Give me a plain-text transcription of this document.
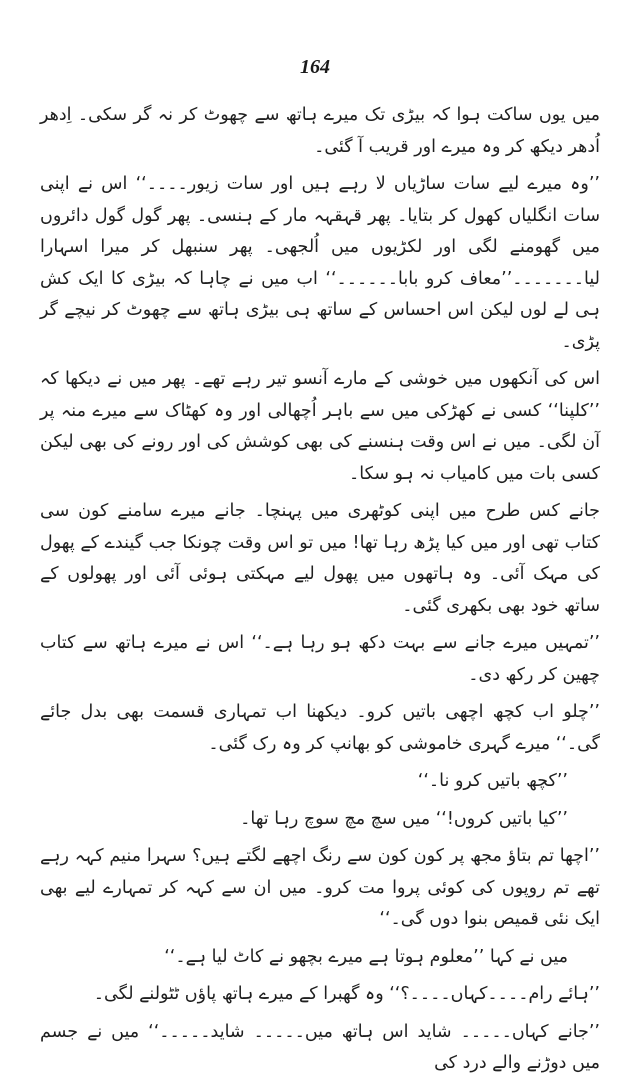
164

میں یوں ساکت ہوا کہ بیڑی تک میرے ہاتھ سے چھوٹ کر نہ گر سکی۔ اِدھر اُدھر دیکھ کر وہ میرے اور قریب آ گئی۔

’’وہ میرے لیے سات ساڑیاں لا رہے ہیں اور سات زیور۔۔۔۔‘‘ اس نے اپنی سات انگلیاں کھول کر بتایا۔ پھر قہقہہ مار کے ہنسی۔ پھر گول گول دائروں میں گھومنے لگی اور لکڑیوں میں اُلجھی۔ پھر سنبھل کر میرا اسہارا لیا۔۔۔۔۔۔۔’’معاف کرو بابا۔۔۔۔۔۔‘‘ اب میں نے چاہا کہ بیڑی کا ایک کش ہی لے لوں لیکن اس احساس کے ساتھ ہی بیڑی ہاتھ سے چھوٹ کر نیچے گر پڑی۔

اس کی آنکھوں میں خوشی کے مارے آنسو تیر رہے تھے۔ پھر میں نے دیکھا کہ ’’کلپنا‘‘ کسی نے کھڑکی میں سے باہر اُچھالی اور وہ کھٹاک سے میرے منہ پر آن لگی۔ میں نے اس وقت ہنسنے کی بھی کوشش کی اور رونے کی بھی لیکن کسی بات میں کامیاب نہ ہو سکا۔

جانے کس طرح میں اپنی کوٹھری میں پہنچا۔ جانے میرے سامنے کون سی کتاب تھی اور میں کیا پڑھ رہا تھا! میں تو اس وقت چونکا جب گیندے کے پھول کی مہک آئی۔ وہ ہاتھوں میں پھول لیے مہکتی ہوئی آئی اور پھولوں کے ساتھ خود بھی بکھری گئی۔

’’تمہیں میرے جانے سے بہت دکھ ہو رہا ہے۔‘‘ اس نے میرے ہاتھ سے کتاب چھین کر رکھ دی۔

’’چلو اب کچھ اچھی باتیں کرو۔ دیکھنا اب تمہاری قسمت بھی بدل جائے گی۔‘‘ میرے گہری خاموشی کو بھانپ کر وہ رک گئی۔

’’کچھ باتیں کرو نا۔‘‘

’’کیا باتیں کروں!‘‘ میں سچ مچ سوچ رہا تھا۔

’’اچھا تم بتاؤ مجھ پر کون کون سے رنگ اچھے لگتے ہیں؟ سہرا منیم کہہ رہے تھے تم روپوں کی کوئی پروا مت کرو۔ میں ان سے کہہ کر تمہارے لیے بھی ایک نئی قمیص بنوا دوں گی۔‘‘

میں نے کہا ’’معلوم ہوتا ہے میرے بچھو نے کاٹ لیا ہے۔‘‘

’’ہائے رام۔۔۔۔کہاں۔۔۔۔؟‘‘ وہ گھبرا کے میرے ہاتھ پاؤں ٹٹولنے لگی۔

’’جانے کہاں۔۔۔۔۔ شاید اس ہاتھ میں۔۔۔۔۔ شاید۔۔۔۔۔‘‘ میں نے جسم میں دوڑنے والے درد کی
